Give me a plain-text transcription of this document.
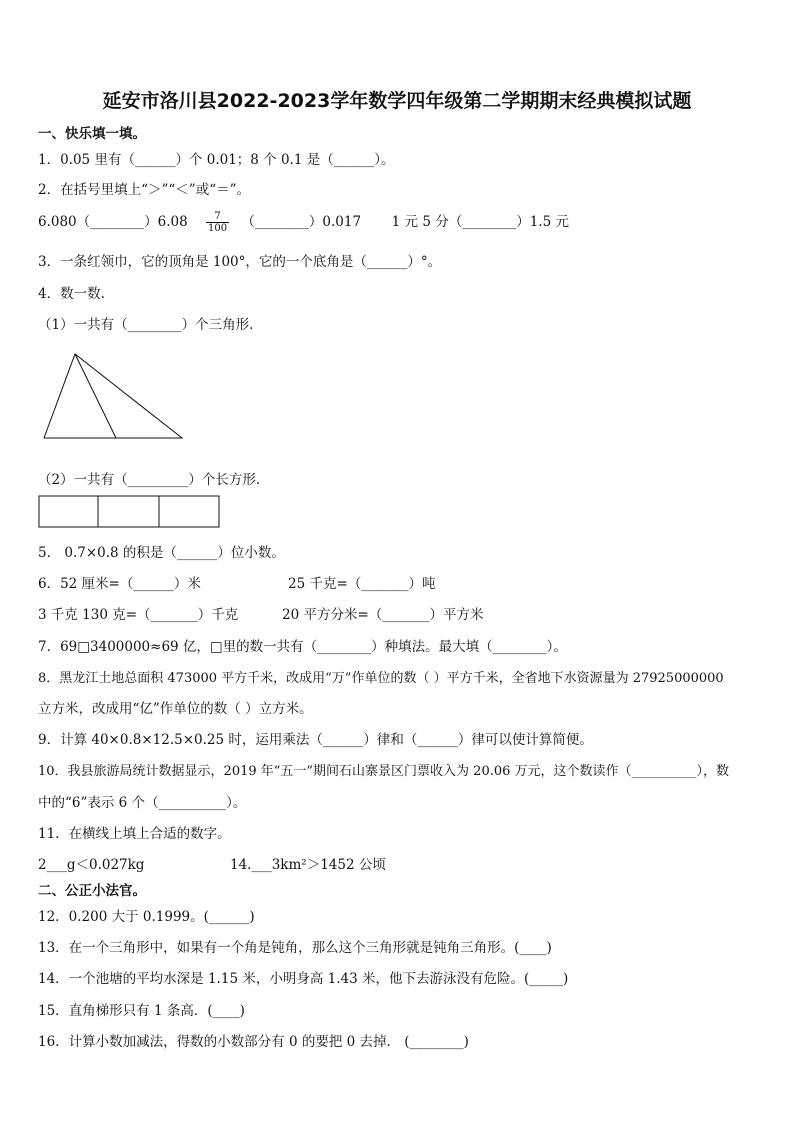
延安市洛川县2022-2023学年数学四年级第二学期期末经典模拟试题
一、快乐填一填。
1．0.05 里有（______）个 0.01；8 个 0.1 是（______）。
2．在括号里填上“＞”“＜”或“＝”。
6.080（________）6.08 $\frac{7}{100}$ （________）0.017 1 元 5 分（________）1.5 元
3．一条红领巾，它的顶角是 100°，它的一个底角是（______）°。
4．数一数.
（1）一共有（________）个三角形.
（2）一共有（_________）个长方形.
5． 0.7×0.8 的积是（______）位小数。
6．52 厘米=（______）米	25 千克=（_______）吨
3 千克 130 克=（_______）千克	20 平方分米=（_______）平方米
7．69□3400000≈69 亿，□里的数一共有（________）种填法。最大填（________）。
8．黑龙江土地总面积 473000 平方千米，改成用“万”作单位的数（ ）平方千米，全省地下水资源量为 27925000000
立方米，改成用“亿”作单位的数（ ）立方米。
9．计算 40×0.8×12.5×0.25 时，运用乘法（______）律和（______）律可以使计算简便。
10．我县旅游局统计数据显示，2019 年“五一”期间石山寨景区门票收入为 20.06 万元，这个数读作（__________），数
中的“6”表示 6 个（__________）。
11．在横线上填上合适的数字。
2___g＜0.027kg	14.___3km²＞1452 公顷
二、公正小法官。
12．0.200 大于 0.1999。(______)
13．在一个三角形中，如果有一个角是钝角，那么这个三角形就是钝角三角形。(____)
14．一个池塘的平均水深是 1.15 米，小明身高 1.43 米，他下去游泳没有危险。(_____)
15．直角梯形只有 1 条高．(____)
16．计算小数加减法，得数的小数部分有 0 的要把 0 去掉． (________)
